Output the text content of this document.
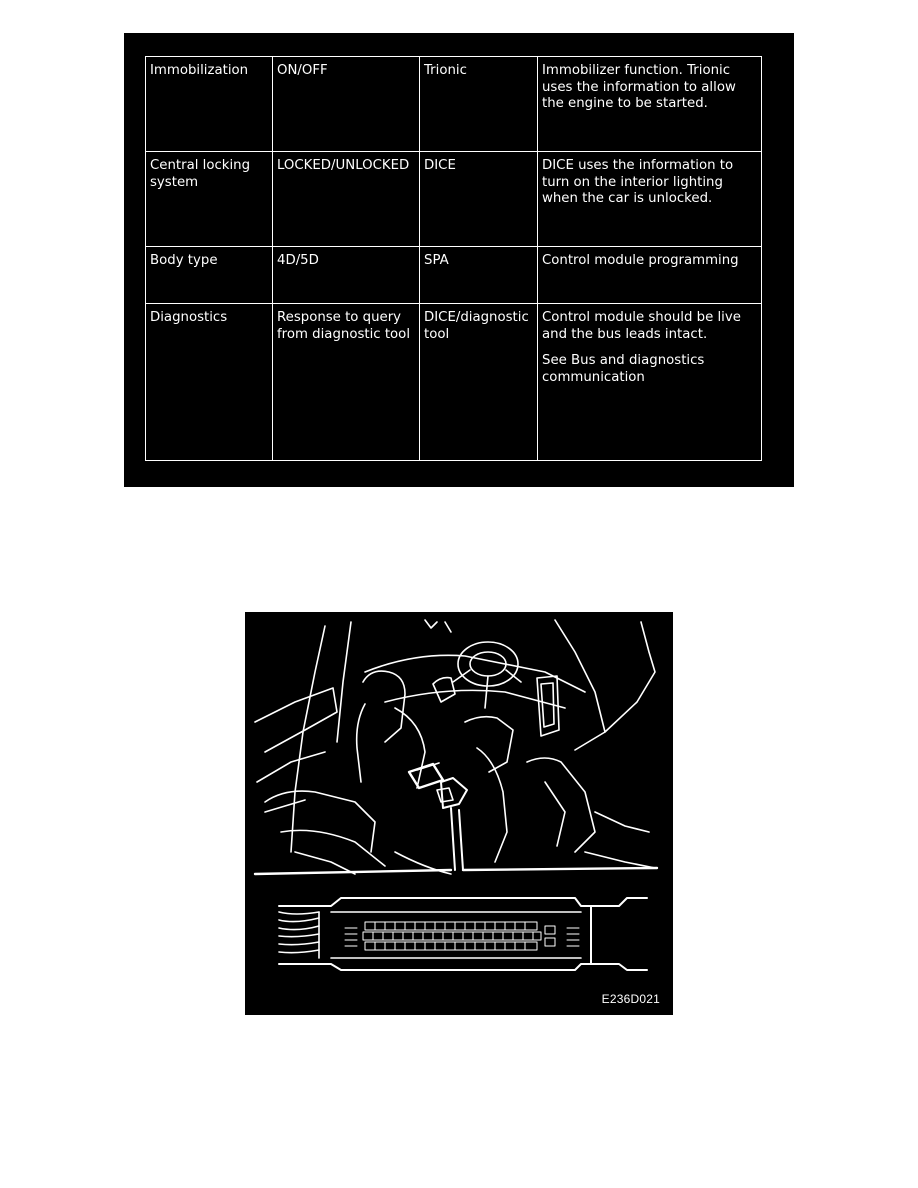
Immobilization	ON/OFF	Trionic	Immobilizer function. Trionic
uses the information to allow
the engine to be started.

Central locking
system	LOCKED/UNLOCKED	DICE	DICE uses the information to
turn on the interior lighting
when the car is unlocked.

Body type	4D/5D	SPA	Control module programming

Diagnostics	Response to query
from diagnostic tool	DICE/diagnostic
tool	Control module should be live
and the bus leads intact.
See Bus and diagnostics
communication
E236D021
